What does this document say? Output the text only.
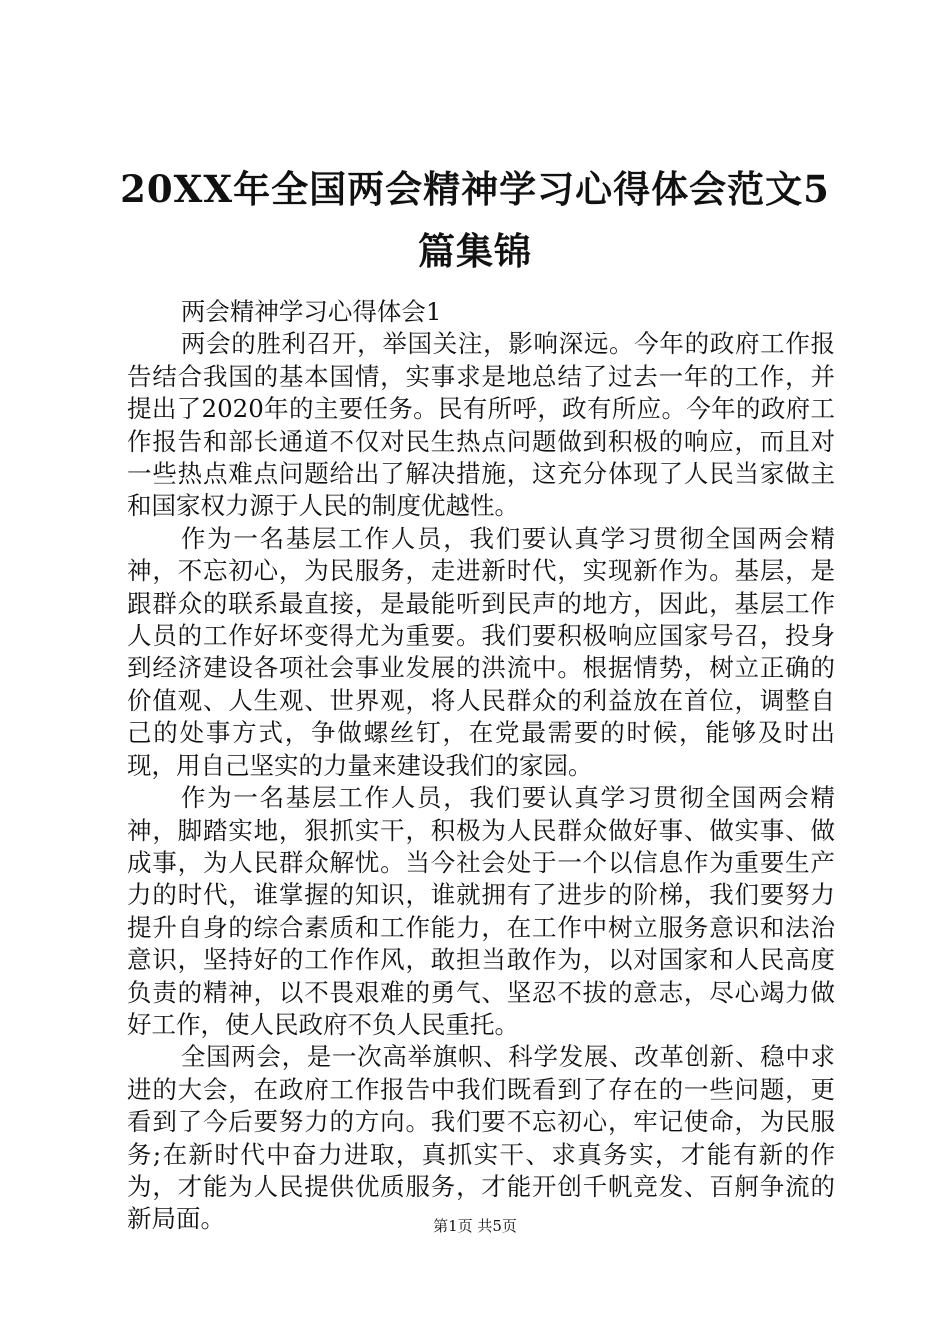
20XX年全国两会精神学习心得体会范文5篇集锦

两会精神学习心得体会1

两会的胜利召开，举国关注，影响深远。今年的政府工作报告结合我国的基本国情，实事求是地总结了过去一年的工作，并提出了2020年的主要任务。民有所呼，政有所应。今年的政府工作报告和部长通道不仅对民生热点问题做到积极的响应，而且对一些热点难点问题给出了解决措施，这充分体现了人民当家做主和国家权力源于人民的制度优越性。

作为一名基层工作人员，我们要认真学习贯彻全国两会精神，不忘初心，为民服务，走进新时代，实现新作为。基层，是跟群众的联系最直接，是最能听到民声的地方，因此，基层工作人员的工作好坏变得尤为重要。我们要积极响应国家号召，投身到经济建设各项社会事业发展的洪流中。根据情势，树立正确的价值观、人生观、世界观，将人民群众的利益放在首位，调整自己的处事方式，争做螺丝钉，在党最需要的时候，能够及时出现，用自己坚实的力量来建设我们的家园。

作为一名基层工作人员，我们要认真学习贯彻全国两会精神，脚踏实地，狠抓实干，积极为人民群众做好事、做实事、做成事，为人民群众解忧。当今社会处于一个以信息作为重要生产力的时代，谁掌握的知识，谁就拥有了进步的阶梯，我们要努力提升自身的综合素质和工作能力，在工作中树立服务意识和法治意识，坚持好的工作作风，敢担当敢作为，以对国家和人民高度负责的精神，以不畏艰难的勇气、坚忍不拔的意志，尽心竭力做好工作，使人民政府不负人民重托。

全国两会，是一次高举旗帜、科学发展、改革创新、稳中求进的大会，在政府工作报告中我们既看到了存在的一些问题，更看到了今后要努力的方向。我们要不忘初心，牢记使命，为民服务;在新时代中奋力进取，真抓实干、求真务实，才能有新的作为，才能为人民提供优质服务，才能开创千帆竞发、百舸争流的新局面。	第1页 共5页
